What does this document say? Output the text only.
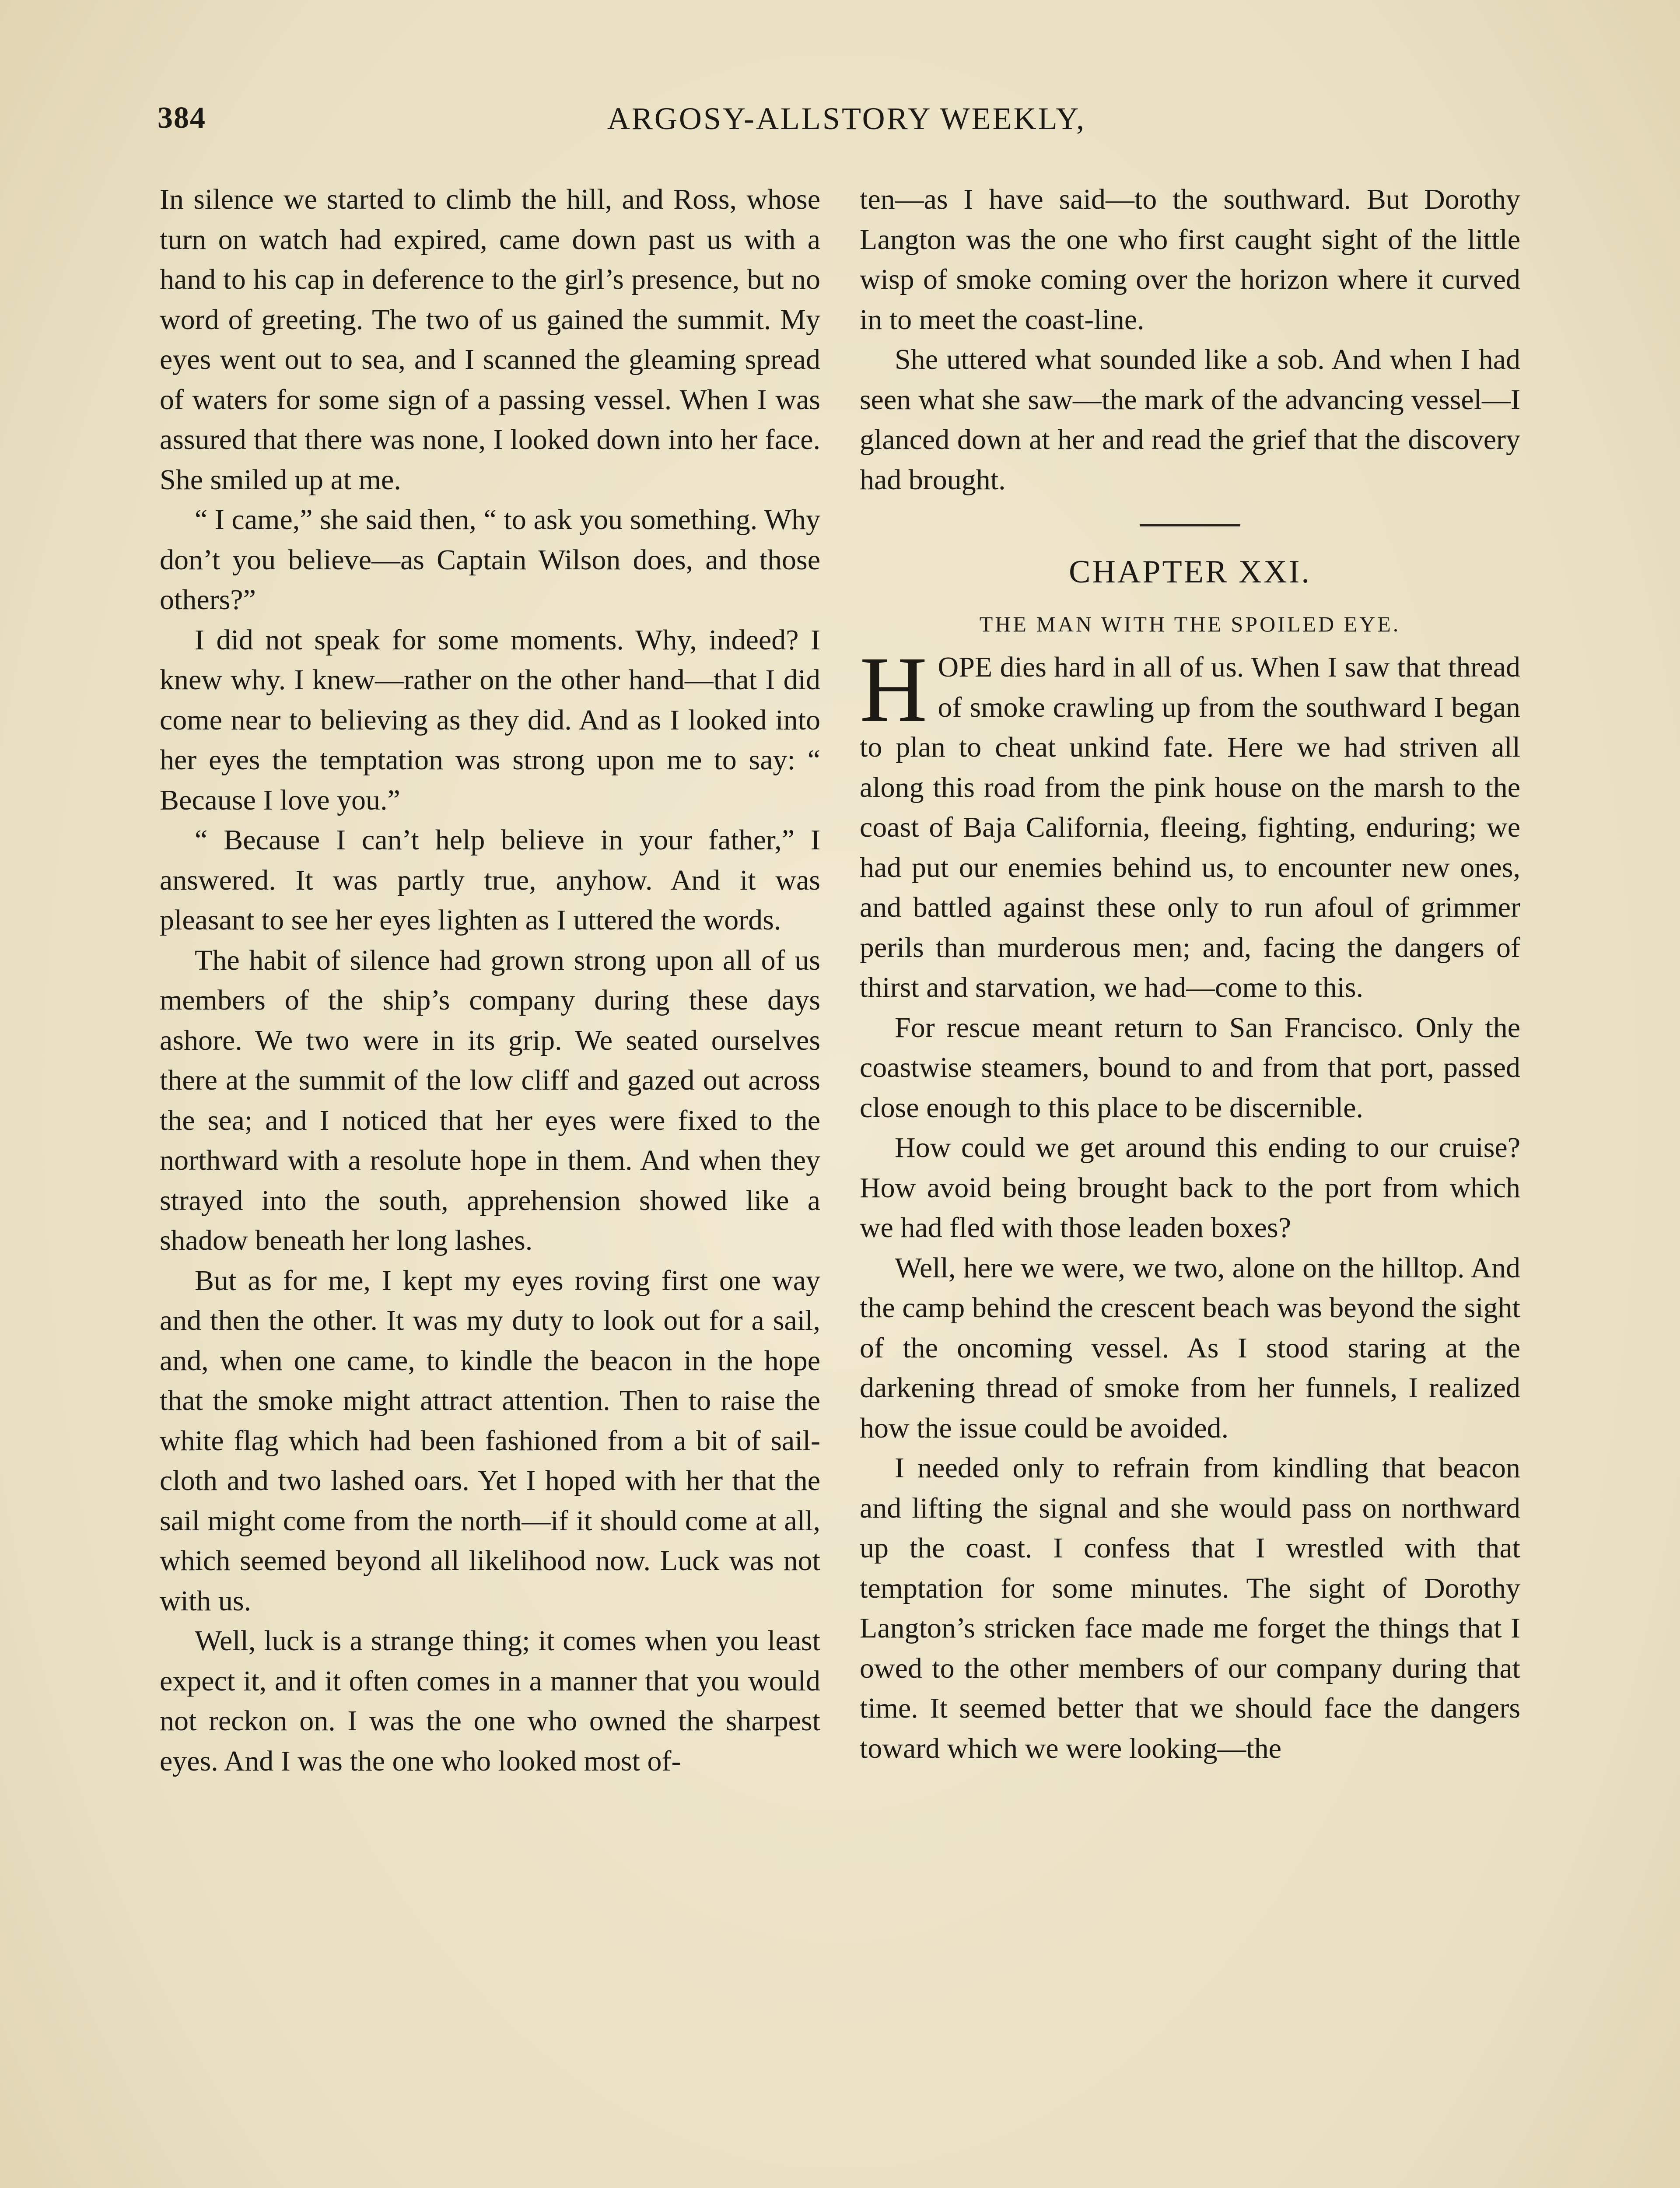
384	ARGOSY-ALLSTORY WEEKLY,

In silence we started to climb the hill, and Ross, whose turn on watch had expired, came down past us with a hand to his cap in deference to the girl’s presence, but no word of greeting. The two of us gained the summit. My eyes went out to sea, and I scanned the gleaming spread of waters for some sign of a passing vessel. When I was assured that there was none, I looked down into her face. She smiled up at me.

“ I came,” she said then, “ to ask you something. Why don’t you believe—as Captain Wilson does, and those others?”

I did not speak for some moments. Why, indeed? I knew why. I knew—rather on the other hand—that I did come near to believing as they did. And as I looked into her eyes the temptation was strong upon me to say: “ Because I love you.”

“ Because I can’t help believe in your father,” I answered. It was partly true, anyhow. And it was pleasant to see her eyes lighten as I uttered the words.

The habit of silence had grown strong upon all of us members of the ship’s company during these days ashore. We two were in its grip. We seated ourselves there at the summit of the low cliff and gazed out across the sea; and I noticed that her eyes were fixed to the northward with a resolute hope in them. And when they strayed into the south, apprehension showed like a shadow beneath her long lashes.

But as for me, I kept my eyes roving first one way and then the other. It was my duty to look out for a sail, and, when one came, to kindle the beacon in the hope that the smoke might attract attention. Then to raise the white flag which had been fashioned from a bit of sail-cloth and two lashed oars. Yet I hoped with her that the sail might come from the north—if it should come at all, which seemed beyond all likelihood now. Luck was not with us.

Well, luck is a strange thing; it comes when you least expect it, and it often comes in a manner that you would not reckon on. I was the one who owned the sharpest eyes. And I was the one who looked most of-

ten—as I have said—to the southward. But Dorothy Langton was the one who first caught sight of the little wisp of smoke coming over the horizon where it curved in to meet the coast-line.

She uttered what sounded like a sob. And when I had seen what she saw—the mark of the advancing vessel—I glanced down at her and read the grief that the discovery had brought.

CHAPTER XXI.
THE MAN WITH THE SPOILED EYE.

HOPE dies hard in all of us. When I saw that thread of smoke crawling up from the southward I began to plan to cheat unkind fate. Here we had striven all along this road from the pink house on the marsh to the coast of Baja California, fleeing, fighting, enduring; we had put our enemies behind us, to encounter new ones, and battled against these only to run afoul of grimmer perils than murderous men; and, facing the dangers of thirst and starvation, we had—come to this.

For rescue meant return to San Francisco. Only the coastwise steamers, bound to and from that port, passed close enough to this place to be discernible.

How could we get around this ending to our cruise? How avoid being brought back to the port from which we had fled with those leaden boxes?

Well, here we were, we two, alone on the hilltop. And the camp behind the crescent beach was beyond the sight of the oncoming vessel. As I stood staring at the darkening thread of smoke from her funnels, I realized how the issue could be avoided.

I needed only to refrain from kindling that beacon and lifting the signal and she would pass on northward up the coast. I confess that I wrestled with that temptation for some minutes. The sight of Dorothy Langton’s stricken face made me forget the things that I owed to the other members of our company during that time. It seemed better that we should face the dangers toward which we were looking—the
